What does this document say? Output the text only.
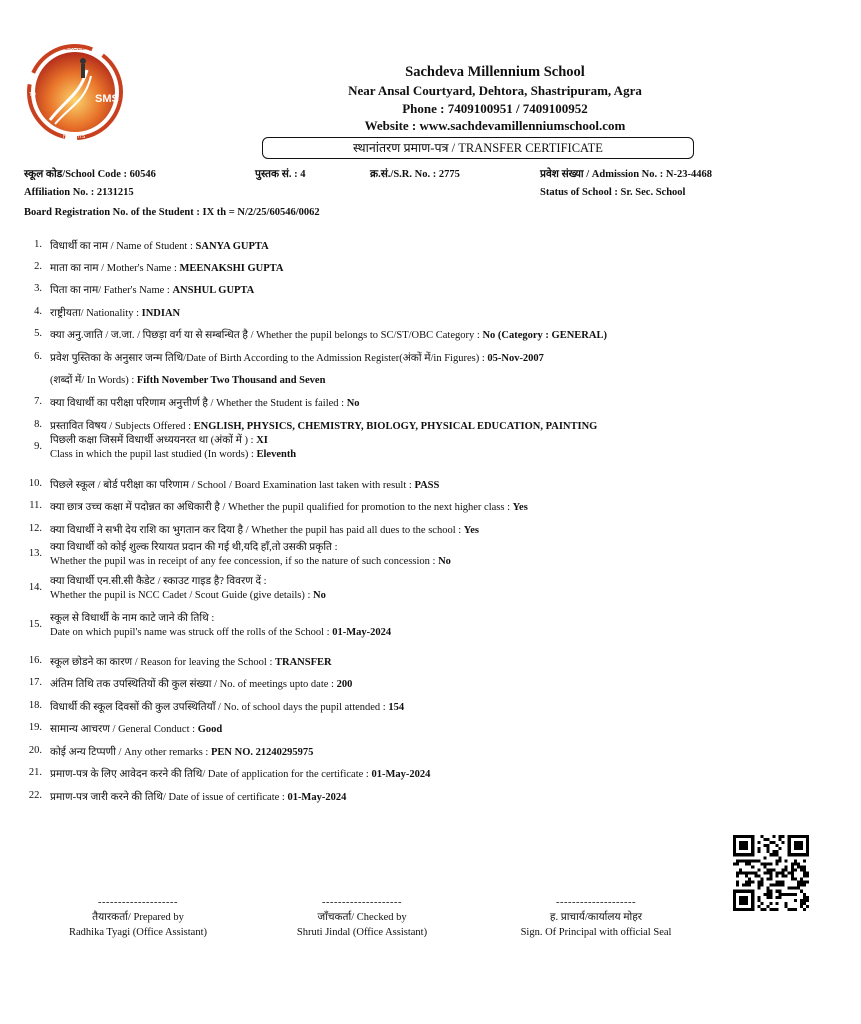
SMS
EXCEL
TO
HEIGHTS
Sachdeva Millennium School
Near Ansal Courtyard, Dehtora, Shastripuram, Agra
Phone : 7409100951 / 7409100952
Website : www.sachdevamillenniumschool.com
स्थानांतरण प्रमाण-पत्र / TRANSFER CERTIFICATE
स्कूल कोड/School Code : 60546	पुस्तक सं. : 4	क्र.सं./S.R. No. : 2775	प्रवेश संख्या / Admission No. : N-23-4468
Affiliation No. : 2131215	Status of School : Sr. Sec. School
Board Registration No. of the Student : IX th = N/2/25/60546/0062
1. विधार्थी का नाम / Name of Student : SANYA GUPTA
2. माता का नाम / Mother's Name : MEENAKSHI GUPTA
3. पिता का नाम/ Father's Name : ANSHUL GUPTA
4. राष्ट्रीयता/ Nationality : INDIAN
5. क्या अनु.जाति / ज.जा. / पिछड़ा वर्ग या से सम्बन्धित है / Whether the pupil belongs to SC/ST/OBC Category : No (Category : GENERAL)
(शब्दों में/ In Words) : Fifth November Two Thousand and Seven
6. प्रवेश पुस्तिका के अनुसार जन्म तिथि/Date of Birth According to the Admission Register(अंकों में/in Figures) : 05-Nov-2007
7. क्या विधार्थी का परीक्षा परिणाम अनुत्तीर्ण है / Whether the Student is failed : No
8. प्रस्तावित विषय / Subjects Offered : ENGLISH, PHYSICS, CHEMISTRY, BIOLOGY, PHYSICAL EDUCATION, PAINTING
Class in which the pupil last studied (In words) : Eleventh
9.
पिछली कक्षा जिसमें विधार्थी अध्ययनरत था (अंकों में ) : XI
10. पिछले स्कूल / बोर्ड परीक्षा का परिणाम / School / Board Examination last taken with result : PASS
11. क्या छात्र उच्च कक्षा में पदोन्नत का अधिकारी है / Whether the pupil qualified for promotion to the next higher class : Yes
12. क्या विधार्थी ने सभी देय राशि का भुगतान कर दिया है / Whether the pupil has paid all dues to the school : Yes
Whether the pupil was in receipt of any fee concession, if so the nature of such concession : No
13.
क्या विधार्थी को कोई शुल्क रियायत प्रदान की गई थी,यदि हाँ,तो उसकी प्रकृति :
Whether the pupil is NCC Cadet / Scout Guide (give details) : No
14.
क्या विधार्थी एन.सी.सी कैडेट / स्काउट गाइड है? विवरण दें :
Date on which pupil's name was struck off the rolls of the School : 01-May-2024
15.
स्कूल से विधार्थी के नाम काटे जाने की तिथि :
16. स्कूल छोडने का कारण / Reason for leaving the School : TRANSFER
17. अंतिम तिथि तक उपस्थितियों की कुल संख्या / No. of meetings upto date : 200
18. विधार्थी की स्कूल दिवसों की कुल उपस्थितियाँ / No. of school days the pupil attended : 154
19. सामान्य आचरण / General Conduct : Good
20. कोई अन्य टिप्पणी / Any other remarks : PEN NO. 21240295975
21. प्रमाण-पत्र के लिए आवेदन करने की तिथि/ Date of application for the certificate : 01-May-2024
22. प्रमाण-पत्र जारी करने की तिथि/ Date of issue of certificate : 01-May-2024
--------------------
तैयारकर्ता/ Prepared by
Radhika Tyagi (Office Assistant)
--------------------
जाँचकर्ता/ Checked by
Shruti Jindal (Office Assistant)
--------------------
ह. प्राचार्य/कार्यालय मोहर
Sign. Of Principal with official Seal
